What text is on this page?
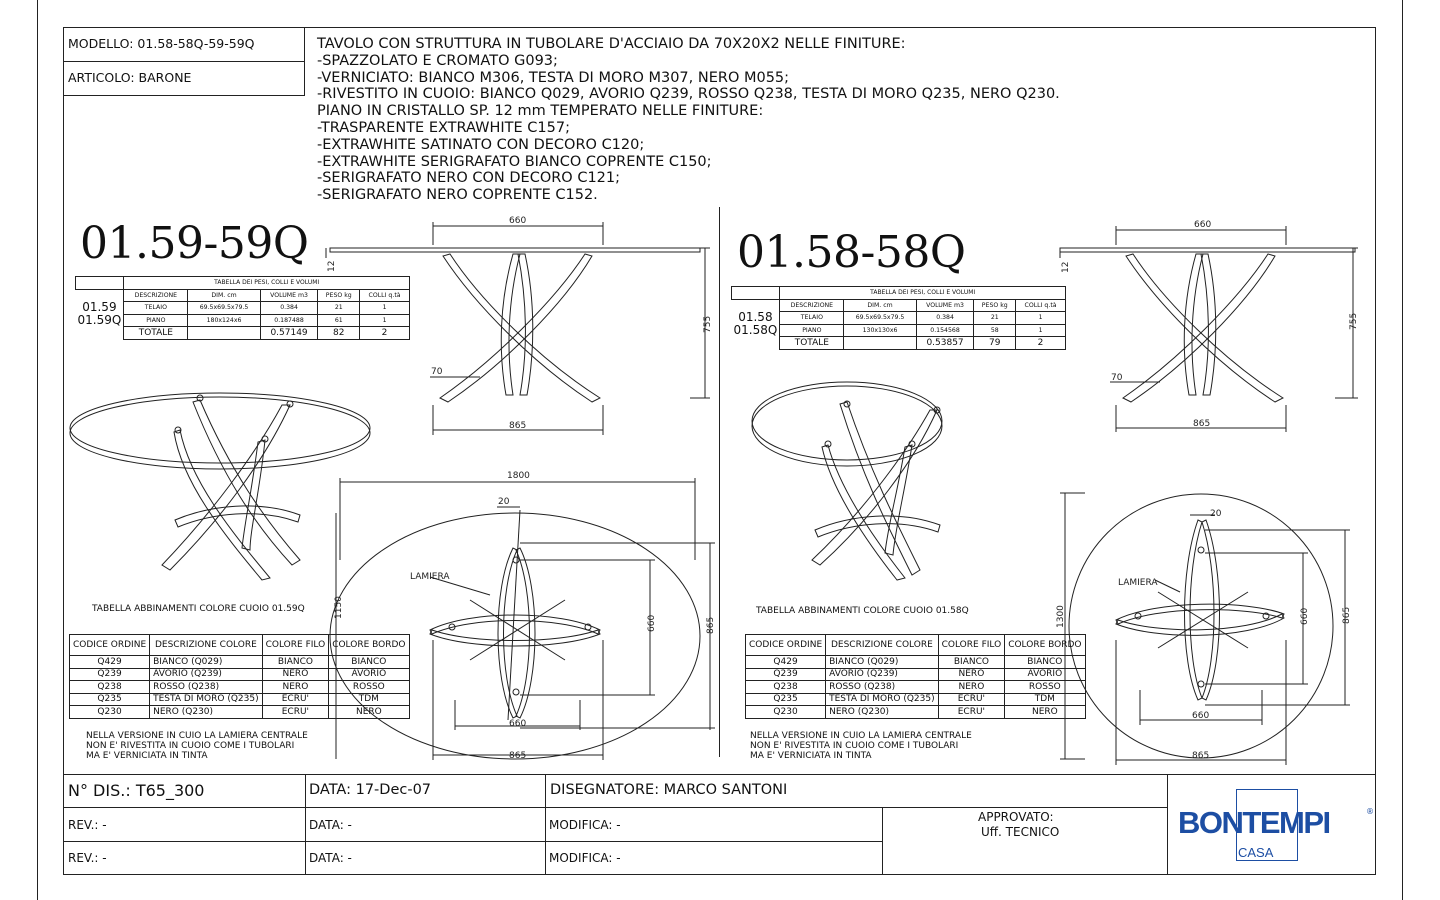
MODELLO: 01.58-58Q-59-59Q
ARTICOLO: BARONE
TAVOLO CON STRUTTURA IN TUBOLARE D'ACCIAIO DA 70X20X2 NELLE FINITURE:
-SPAZZOLATO E CROMATO G093;
-VERNICIATO: BIANCO M306, TESTA DI MORO M307, NERO M055;
-RIVESTITO IN CUOIO: BIANCO Q029, AVORIO Q239, ROSSO Q238, TESTA DI MORO Q235, NERO Q230.
PIANO IN CRISTALLO SP. 12 mm TEMPERATO NELLE FINITURE:
-TRASPARENTE EXTRAWHITE C157;
-EXTRAWHITE SATINATO CON DECORO C120;
-EXTRAWHITE SERIGRAFATO BIANCO COPRENTE C150;
-SERIGRAFATO NERO CON DECORO C121;
-SERIGRAFATO NERO COPRENTE C152.
01.59-59Q
	TABELLA DEI PESI, COLLI E VOLUMI				
01.59
01.59Q	DESCRIZIONE	DIM. cm	VOLUME m3	PESO kg	COLLI q.tà
	TELAIO	69.5x69.5x79.5	0.384	21	1
	PIANO	180x124x6	0.187488	61	1
	TOTALE		0.57149	82	2
660
12
755
70
865
1800
1150
LAMIERA
20
660	865
660
865
TABELLA ABBINAMENTI COLORE CUOIO 01.59Q
CODICE ORDINE	DESCRIZIONE COLORE	COLORE FILO	COLORE BORDO
Q429	BIANCO (Q029)	BIANCO	BIANCO
Q239	AVORIO (Q239)	NERO	AVORIO
Q238	ROSSO (Q238)	NERO	ROSSO
Q235	TESTA DI MORO (Q235)	ECRU'	TDM
Q230	NERO (Q230)	ECRU'	NERO
NELLA VERSIONE IN CUIO LA LAMIERA CENTRALE
NON E' RIVESTITA IN CUOIO COME I TUBOLARI
MA E' VERNICIATA IN TINTA
01.58-58Q
	TABELLA DEI PESI, COLLI E VOLUMI				
01.58
01.58Q	DESCRIZIONE	DIM. cm	VOLUME m3	PESO kg	COLLI q.tà
	TELAIO	69.5x69.5x79.5	0.384	21	1
	PIANO	130x130x6	0.154568	58	1
	TOTALE		0.53857	79	2
660
12
755
70
865
1300
LAMIERA
20
660	865
660
865
TABELLA ABBINAMENTI COLORE CUOIO 01.58Q
CODICE ORDINE	DESCRIZIONE COLORE	COLORE FILO	COLORE BORDO
Q429	BIANCO (Q029)	BIANCO	BIANCO
Q239	AVORIO (Q239)	NERO	AVORIO
Q238	ROSSO (Q238)	NERO	ROSSO
Q235	TESTA DI MORO (Q235)	ECRU'	TDM
Q230	NERO (Q230)	ECRU'	NERO
NELLA VERSIONE IN CUIO LA LAMIERA CENTRALE
NON E' RIVESTITA IN CUOIO COME I TUBOLARI
MA E' VERNICIATA IN TINTA
N° DIS.: T65_300	DATA: 17-Dec-07	DISEGNATORE: MARCO SANTONI
REV.: -	DATA: -	MODIFICA: -
APPROVATO:
Uff. TECNICO
REV.: -	DATA: -	MODIFICA: -
BONTEMPI
CASA
®
